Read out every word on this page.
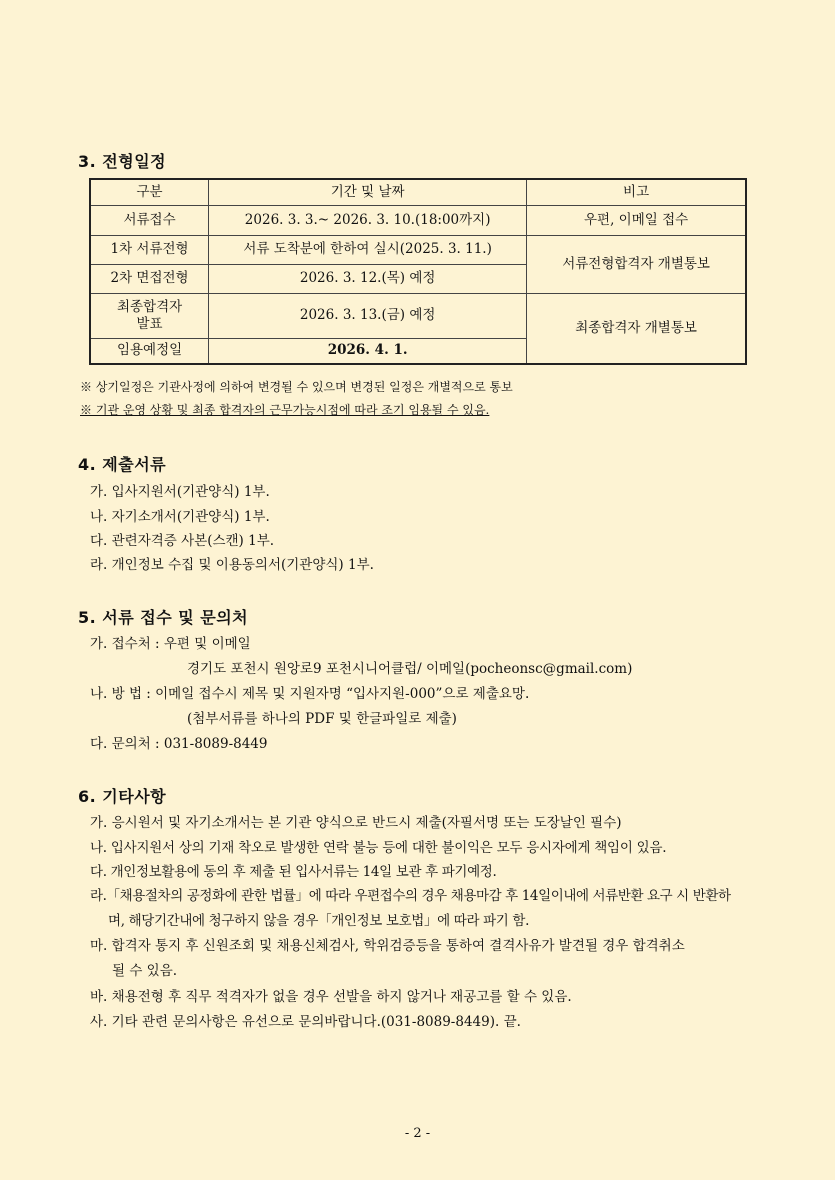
3. 전형일정
구분	기간 및 날짜	비고
서류접수	2026. 3. 3.~ 2026. 3. 10.(18:00까지)	우편, 이메일 접수
1차 서류전형	서류 도착분에 한하여 실시(2025. 3. 11.)	서류전형합격자 개별통보
2차 면접전형	2026. 3. 12.(목) 예정	
최종합격자
발표	2026. 3. 13.(금) 예정	최종합격자 개별통보
임용예정일	2026. 4. 1.	
※ 상기일정은 기관사정에 의하여 변경될 수 있으며 변경된 일정은 개별적으로 통보
※ 기관 운영 상황 및 최종 합격자의 근무가능시점에 따라 조기 임용될 수 있음.
4. 제출서류
가. 입사지원서(기관양식) 1부.
나. 자기소개서(기관양식) 1부.
다. 관련자격증 사본(스캔) 1부.
라. 개인정보 수집 및 이용동의서(기관양식) 1부.
5. 서류 접수 및 문의처
가. 접수처 : 우편 및 이메일
경기도 포천시 원앙로9 포천시니어클럽/ 이메일(pocheonsc@gmail.com)
나. 방 법 : 이메일 접수시 제목 및 지원자명 “입사지원-000”으로 제출요망.
(첨부서류를 하나의 PDF 및 한글파일로 제출)
다. 문의처 : 031-8089-8449
6. 기타사항
가. 응시원서 및 자기소개서는 본 기관 양식으로 반드시 제출(자필서명 또는 도장날인 필수)
나. 입사지원서 상의 기재 착오로 발생한 연락 불능 등에 대한 불이익은 모두 응시자에게 책임이 있음.
다. 개인정보활용에 동의 후 제출 된 입사서류는 14일 보관 후 파기예정.
라.「채용절차의 공정화에 관한 법률」에 따라 우편접수의 경우 채용마감 후 14일이내에 서류반환 요구 시 반환하
며, 해당기간내에 청구하지 않을 경우「개인정보 보호법」에 따라 파기 함.
마. 합격자 통지 후 신원조회 및 채용신체검사, 학위검증등을 통하여 결격사유가 발견될 경우 합격취소
될 수 있음.
바. 채용전형 후 직무 적격자가 없을 경우 선발을 하지 않거나 재공고를 할 수 있음.
사. 기타 관련 문의사항은 유선으로 문의바랍니다.(031-8089-8449). 끝.
- 2 -
